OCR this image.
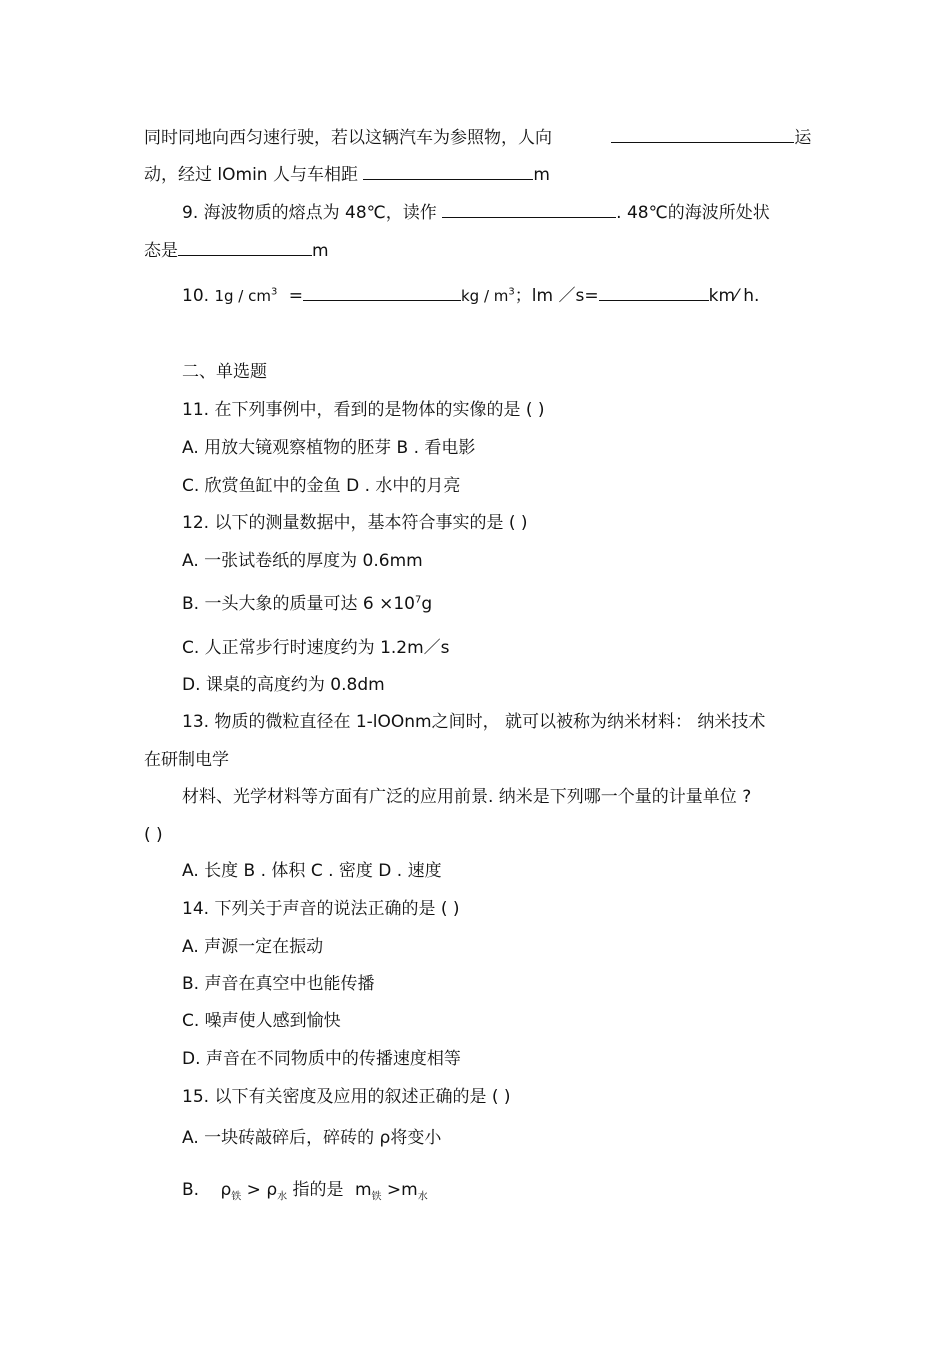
同时同地向西匀速行驶，若以这辆汽车为参照物，人向	运
动，经过 lOmin 人与车相距	m
9. 海波物质的熔点为 48℃，读作	. 48℃的海波所处状
态是	m
10. $1g / cm^3$ =	kg / $m^3$；lm ／s=	km⁄ h.
二、单选题
11. 在下列事例中，看到的是物体的实像的是 ( )
A. 用放大镜观察植物的胚芽 B . 看电影
C. 欣赏鱼缸中的金鱼 D . 水中的月亮
12. 以下的测量数据中，基本符合事实的是 ( )
A. 一张试卷纸的厚度为 0.6mm
B. 一头大象的质量可达 $6 \times 10^7g$
C. 人正常步行时速度约为 1.2m／s
D. 课桌的高度约为 0.8dm
13. 物质的微粒直径在 1-lOOnm之间时， 就可以被称为纳米材料： 纳米技术
在研制电学
材料、光学材料等方面有广泛的应用前景. 纳米是下列哪一个量的计量单位 ?
( )
A. 长度 B . 体积 C . 密度 D . 速度
14. 下列关于声音的说法正确的是 ( )
A. 声源一定在振动
B. 声音在真空中也能传播
C. 噪声使人感到愉快
D. 声音在不同物质中的传播速度相等
15. 以下有关密度及应用的叙述正确的是 ( )
A. 一块砖敲碎后，碎砖的 ρ将变小
B. $\rho_铁 > \rho_水$ 指的是 $m_铁 >m_水$
